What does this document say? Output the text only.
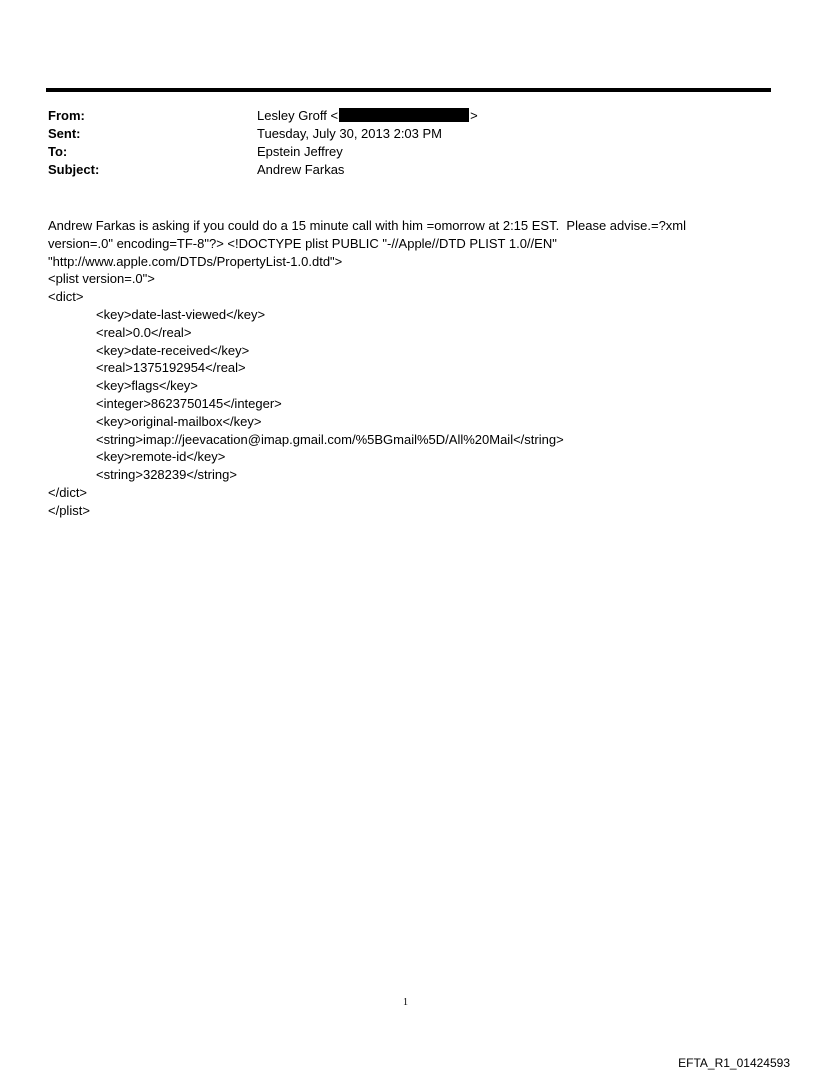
From:	Lesley Groff <	>
Sent:	Tuesday, July 30, 2013 2:03 PM
To:	Epstein Jeffrey
Subject:	Andrew Farkas
Andrew Farkas is asking if you could do a 15 minute call with him =omorrow at 2:15 EST.  Please advise.=?xml
version=.0" encoding=TF-8"?> <!DOCTYPE plist PUBLIC "-//Apple//DTD PLIST 1.0//EN"
"http://www.apple.com/DTDs/PropertyList-1.0.dtd">
<plist version=.0">
<dict>
<key>date-last-viewed</key>
<real>0.0</real>
<key>date-received</key>
<real>1375192954</real>
<key>flags</key>
<integer>8623750145</integer>
<key>original-mailbox</key>
<string>imap://jeevacation@imap.gmail.com/%5BGmail%5D/All%20Mail</string>
<key>remote-id</key>
<string>328239</string>
</dict>
</plist>
1
EFTA_R1_01424593
